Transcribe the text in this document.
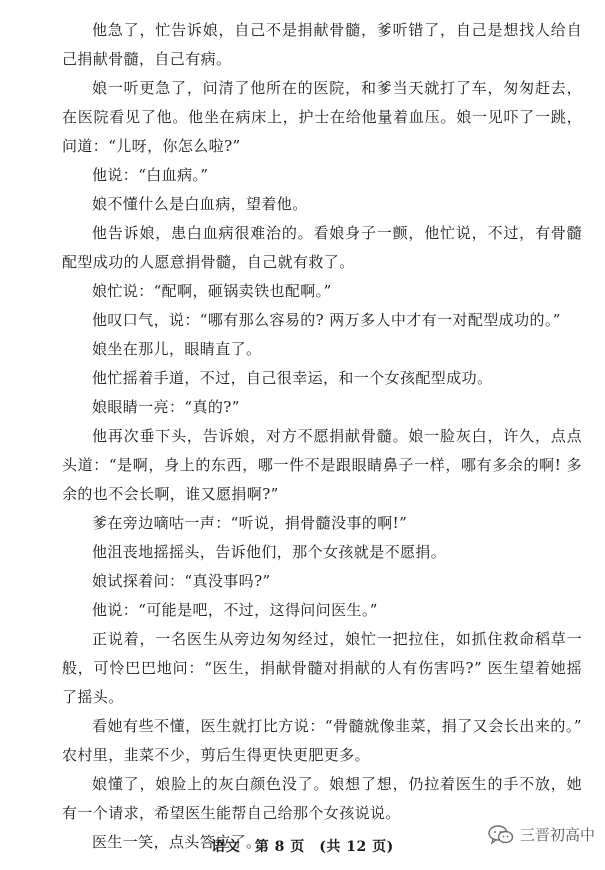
他急了，忙告诉娘，自己不是捐献骨髓，爹听错了，自己是想找人给自己捐献骨髓，自己有病。

娘一听更急了，问清了他所在的医院，和爹当天就打了车，匆匆赶去，在医院看见了他。他坐在病床上，护士在给他量着血压。娘一见吓了一跳，问道：“儿呀，你怎么啦?”

他说：“白血病。”

娘不懂什么是白血病，望着他。

他告诉娘，患白血病很难治的。看娘身子一颤，他忙说，不过，有骨髓配型成功的人愿意捐骨髓，自己就有救了。

娘忙说：“配啊，砸锅卖铁也配啊。”

他叹口气，说：“哪有那么容易的? 两万多人中才有一对配型成功的。”

娘坐在那儿，眼睛直了。

他忙摇着手道，不过，自己很幸运，和一个女孩配型成功。

娘眼睛一亮：“真的?”

他再次垂下头，告诉娘，对方不愿捐献骨髓。娘一脸灰白，许久，点点头道：“是啊，身上的东西，哪一件不是跟眼睛鼻子一样，哪有多余的啊! 多余的也不会长啊，谁又愿捐啊?”

爹在旁边嘀咕一声：“听说，捐骨髓没事的啊!”

他沮丧地摇摇头，告诉他们，那个女孩就是不愿捐。

娘试探着问：“真没事吗?”

他说：“可能是吧，不过，这得问问医生。”

正说着，一名医生从旁边匆匆经过，娘忙一把拉住，如抓住救命稻草一般，可怜巴巴地问：“医生，捐献骨髓对捐献的人有伤害吗?” 医生望着她摇了摇头。

看她有些不懂，医生就打比方说：“骨髓就像韭菜，捐了又会长出来的。” 农村里，韭菜不少，剪后生得更快更肥更多。

娘懂了，娘脸上的灰白颜色没了。娘想了想，仍拉着医生的手不放，她有一个请求，希望医生能帮自己给那个女孩说说。

医生一笑，点头答应了。

语文　第 8 页　(共 12 页)
三晋初高中
